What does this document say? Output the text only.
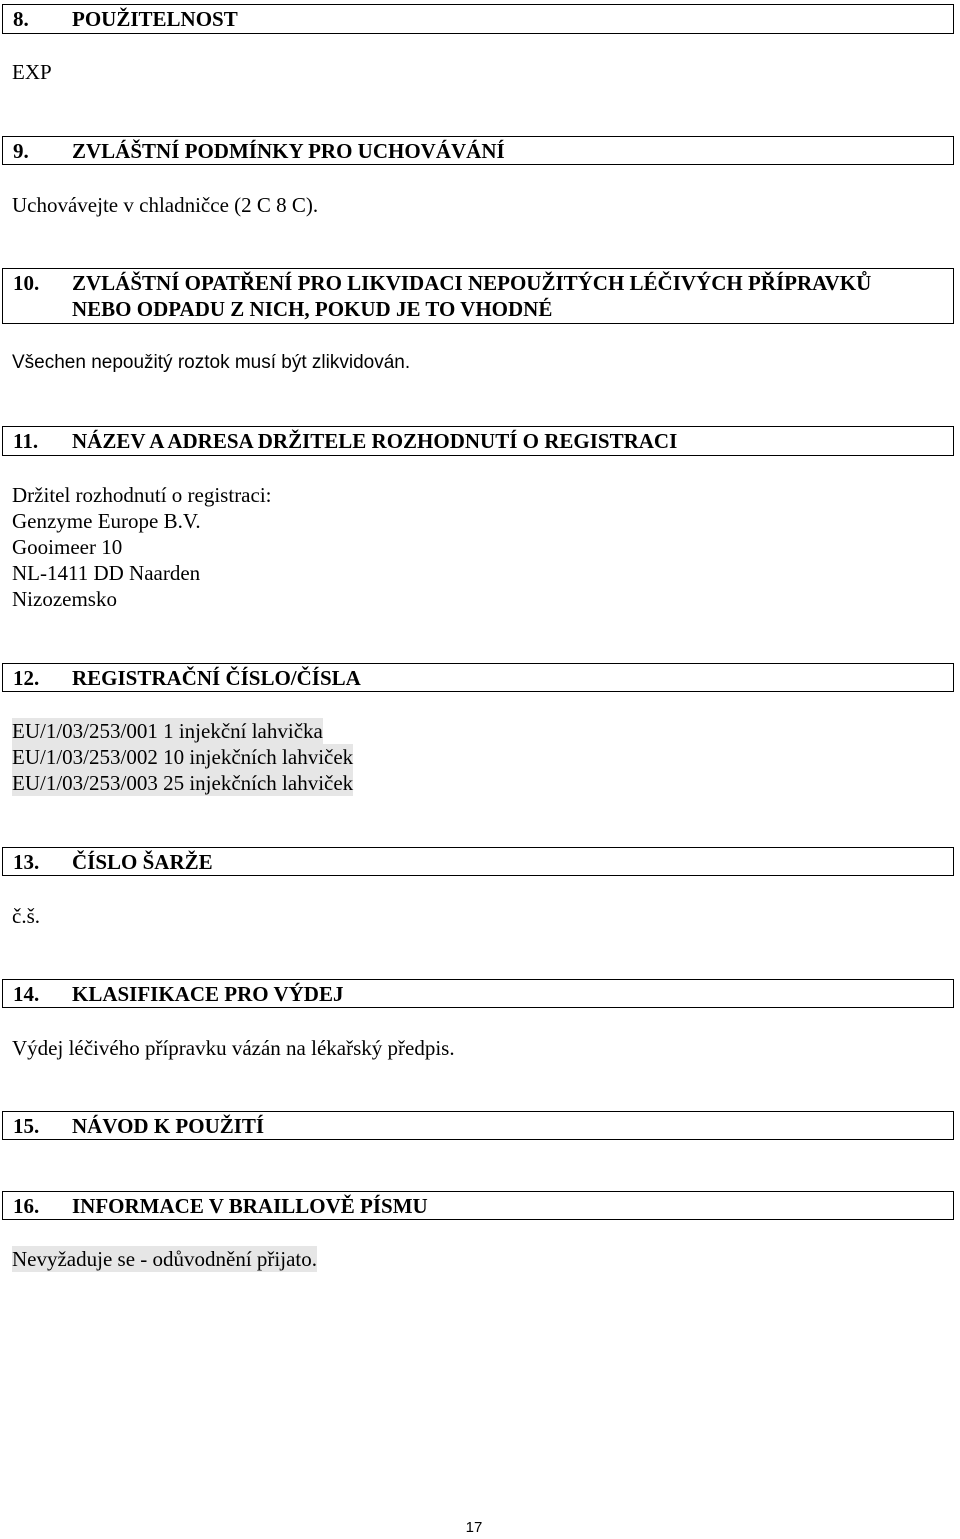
8. POUŽITELNOST
EXP
9. ZVLÁŠTNÍ PODMÍNKY PRO UCHOVÁVÁNÍ
Uchovávejte v chladničce (2 C 8 C).
10. ZVLÁŠTNÍ OPATŘENÍ PRO LIKVIDACI NEPOUŽITÝCH LÉČIVÝCH PŘÍPRAVKŮ
NEBO ODPADU Z NICH, POKUD JE TO VHODNÉ
Všechen nepoužitý roztok musí být zlikvidován.
11. NÁZEV A ADRESA DRŽITELE ROZHODNUTÍ O REGISTRACI
Držitel rozhodnutí o registraci:
Genzyme Europe B.V.
Gooimeer 10
NL-1411 DD Naarden
Nizozemsko
12. REGISTRAČNÍ ČÍSLO/ČÍSLA
EU/1/03/253/001 1 injekční lahvička
EU/1/03/253/002 10 injekčních lahviček
EU/1/03/253/003 25 injekčních lahviček
13. ČÍSLO ŠARŽE
č.š.
14. KLASIFIKACE PRO VÝDEJ
Výdej léčivého přípravku vázán na lékařský předpis.
15. NÁVOD K POUŽITÍ
16. INFORMACE V BRAILLOVĚ PÍSMU
Nevyžaduje se - odůvodnění přijato.
17
